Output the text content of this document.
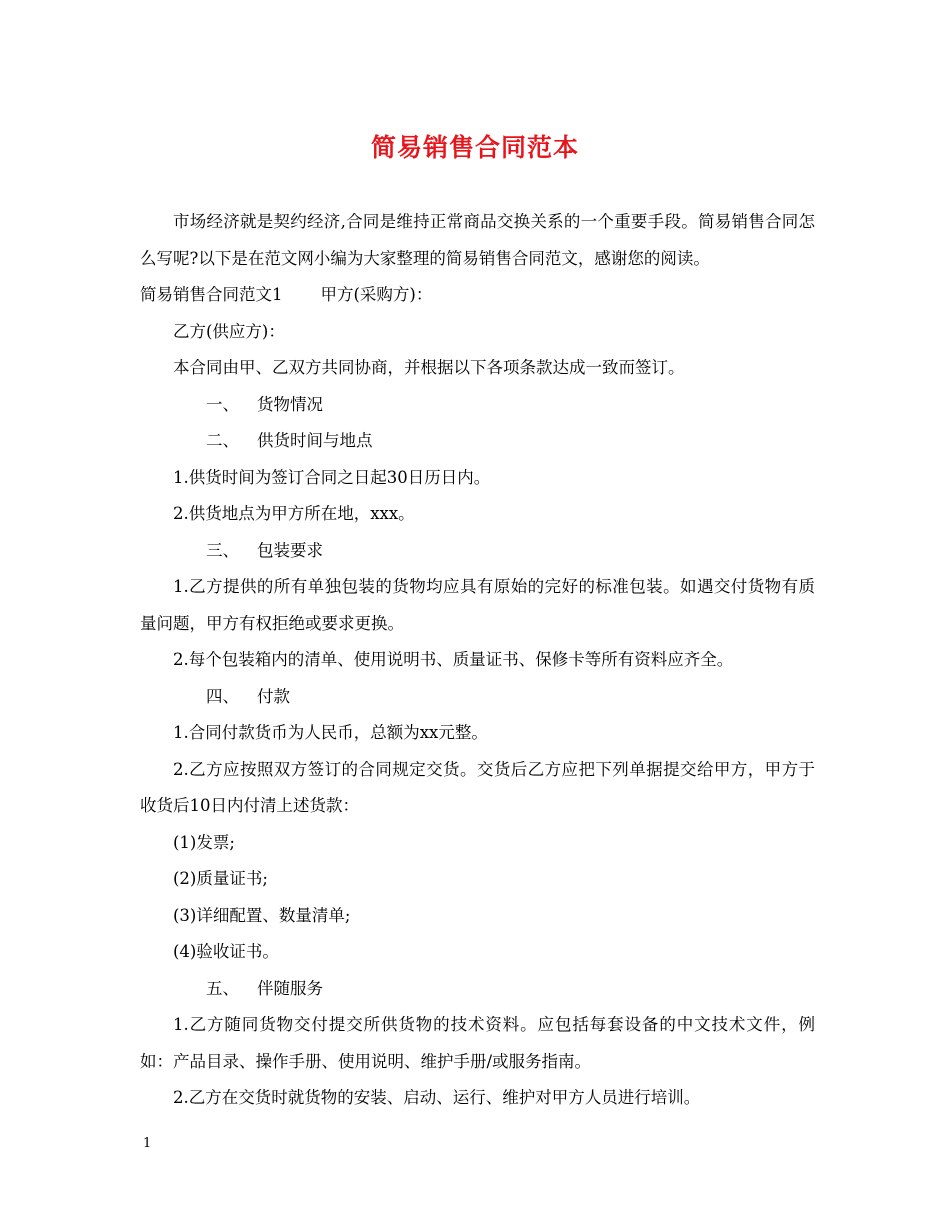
简易销售合同范本

市场经济就是契约经济,合同是维持正常商品交换关系的一个重要手段。简易销售合同怎么写呢?以下是在范文网小编为大家整理的简易销售合同范文，感谢您的阅读。

简易销售合同范文1 甲方(采购方)：

乙方(供应方)：

本合同由甲、乙双方共同协商，并根据以下各项条款达成一致而签订。

一、 货物情况

二、 供货时间与地点

1.供货时间为签订合同之日起30日历日内。

2.供货地点为甲方所在地，xxx。

三、 包装要求

1.乙方提供的所有单独包装的货物均应具有原始的完好的标准包装。如遇交付货物有质量问题，甲方有权拒绝或要求更换。

2.每个包装箱内的清单、使用说明书、质量证书、保修卡等所有资料应齐全。

四、 付款

1.合同付款货币为人民币，总额为xx元整。

2.乙方应按照双方签订的合同规定交货。交货后乙方应把下列单据提交给甲方，甲方于收货后10日内付清上述货款：

(1)发票;

(2)质量证书;

(3)详细配置、数量清单;

(4)验收证书。

五、 伴随服务

1.乙方随同货物交付提交所供货物的技术资料。应包括每套设备的中文技术文件，例如：产品目录、操作手册、使用说明、维护手册/或服务指南。

2.乙方在交货时就货物的安装、启动、运行、维护对甲方人员进行培训。

1
